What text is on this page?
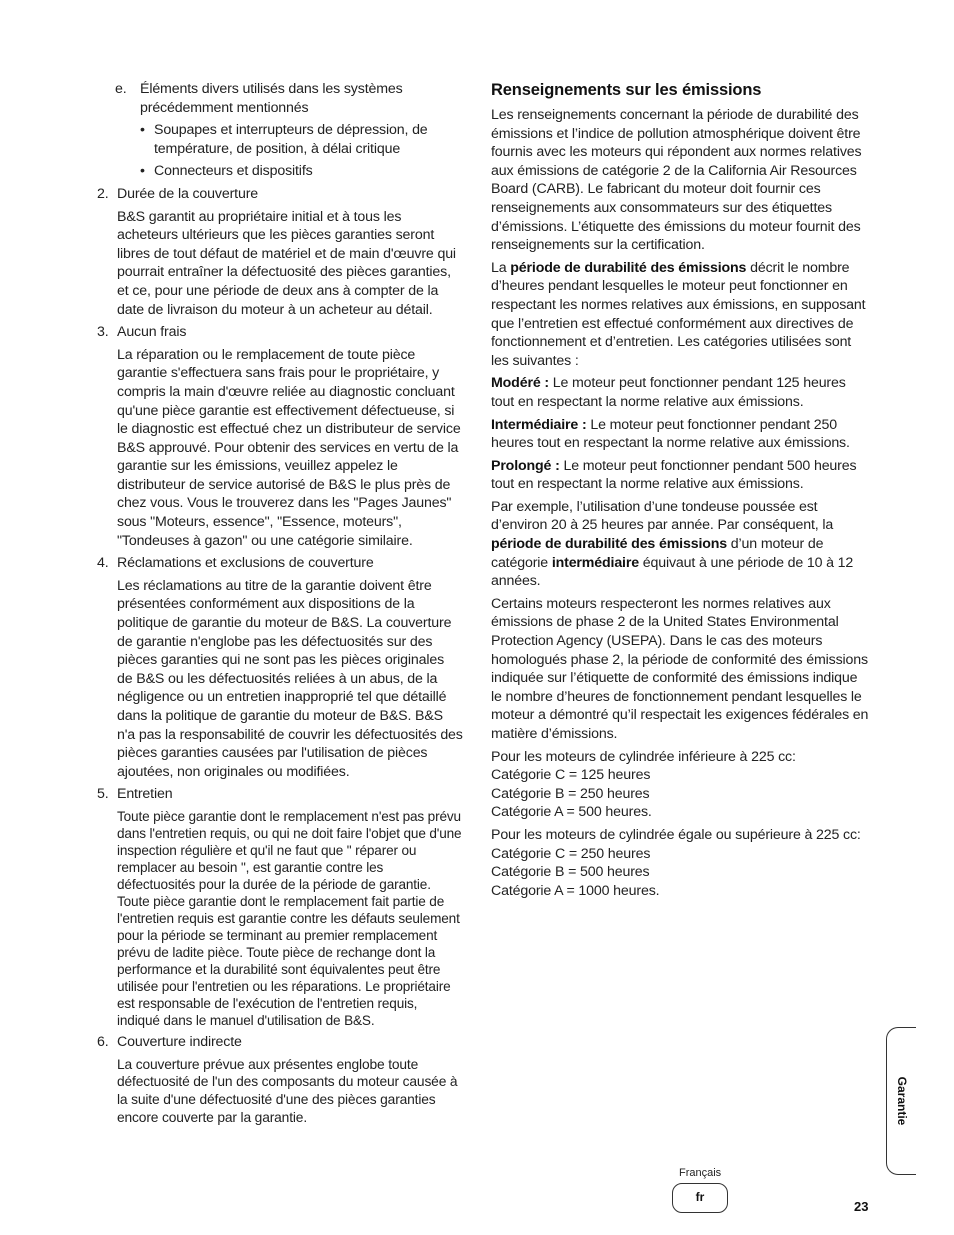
e. Éléments divers utilisés dans les systèmes précédemment mentionnés
• Soupapes et interrupteurs de dépression, de température, de position, à délai critique
• Connecteurs et dispositifs
2. Durée de la couverture
B&S garantit au propriétaire initial et à tous les acheteurs ultérieurs que les pièces garanties seront libres de tout défaut de matériel et de main d'œuvre qui pourrait entraîner la défectuosité des pièces garanties, et ce, pour une période de deux ans à compter de la date de livraison du moteur à un acheteur au détail.
3. Aucun frais
La réparation ou le remplacement de toute pièce garantie s'effectuera sans frais pour le propriétaire, y compris la main d'œuvre reliée au diagnostic concluant qu'une pièce garantie est effectivement défectueuse, si le diagnostic est effectué chez un distributeur de service B&S approuvé. Pour obtenir des services en vertu de la garantie sur les émissions, veuillez appelez le distributeur de service autorisé de B&S le plus près de chez vous. Vous le trouverez dans les "Pages Jaunes" sous "Moteurs, essence", "Essence, moteurs", "Tondeuses à gazon" ou une catégorie similaire.
4. Réclamations et exclusions de couverture
Les réclamations au titre de la garantie doivent être présentées conformément aux dispositions de la politique de garantie du moteur de B&S. La couverture de garantie n'englobe pas les défectuosités sur des pièces garanties qui ne sont pas les pièces originales de B&S ou les défectuosités reliées à un abus, de la négligence ou un entretien inapproprié tel que détaillé dans la politique de garantie du moteur de B&S. B&S n'a pas la responsabilité de couvrir les défectuosités des pièces garanties causées par l'utilisation de pièces ajoutées, non originales ou modifiées.
5. Entretien
Toute pièce garantie dont le remplacement n'est pas prévu dans l'entretien requis, ou qui ne doit faire l'objet que d'une inspection régulière et qu'il ne faut que " réparer ou remplacer au besoin ", est garantie contre les défectuosités pour la durée de la période de garantie. Toute pièce garantie dont le remplacement fait partie de l'entretien requis est garantie contre les défauts seulement pour la période se terminant au premier remplacement prévu de ladite pièce. Toute pièce de rechange dont la performance et la durabilité sont équivalentes peut être utilisée pour l'entretien ou les réparations. Le propriétaire est responsable de l'exécution de l'entretien requis, indiqué dans le manuel d'utilisation de B&S.
6. Couverture indirecte
La couverture prévue aux présentes englobe toute défectuosité de l'un des composants du moteur causée à la suite d'une défectuosité d'une des pièces garanties encore couverte par la garantie.
Renseignements sur les émissions
Les renseignements concernant la période de durabilité des émissions et l’indice de pollution atmosphérique doivent être fournis avec les moteurs qui répondent aux normes relatives aux émissions de catégorie 2 de la California Air Resources Board (CARB). Le fabricant du moteur doit fournir ces renseignements aux consommateurs sur des étiquettes d’émissions. L’étiquette des émissions du moteur fournit des renseignements sur la certification.
La période de durabilité des émissions décrit le nombre d’heures pendant lesquelles le moteur peut fonctionner en respectant les normes relatives aux émissions, en supposant que l’entretien est effectué conformément aux directives de fonctionnement et d’entretien. Les catégories utilisées sont les suivantes :
Modéré : Le moteur peut fonctionner pendant 125 heures tout en respectant la norme relative aux émissions.
Intermédiaire : Le moteur peut fonctionner pendant 250 heures tout en respectant la norme relative aux émissions.
Prolongé : Le moteur peut fonctionner pendant 500 heures tout en respectant la norme relative aux émissions.
Par exemple, l’utilisation d’une tondeuse poussée est d’environ 20 à 25 heures par année. Par conséquent, la période de durabilité des émissions d’un moteur de catégorie intermédiaire équivaut à une période de 10 à 12 années.
Certains moteurs respecteront les normes relatives aux émissions de phase 2 de la United States Environmental Protection Agency (USEPA). Dans le cas des moteurs homologués phase 2, la période de conformité des émissions indiquée sur l’étiquette de conformité des émissions indique le nombre d’heures de fonctionnement pendant lesquelles le moteur a démontré qu’il respectait les exigences fédérales en matière d’émissions.
Pour les moteurs de cylindrée inférieure à 225 cc:
Catégorie C = 125 heures
Catégorie B = 250 heures
Catégorie A = 500 heures.
Pour les moteurs de cylindrée égale ou supérieure à 225 cc:
Catégorie C = 250 heures
Catégorie B = 500 heures
Catégorie A = 1000 heures.
Garantie
Français
fr
23
